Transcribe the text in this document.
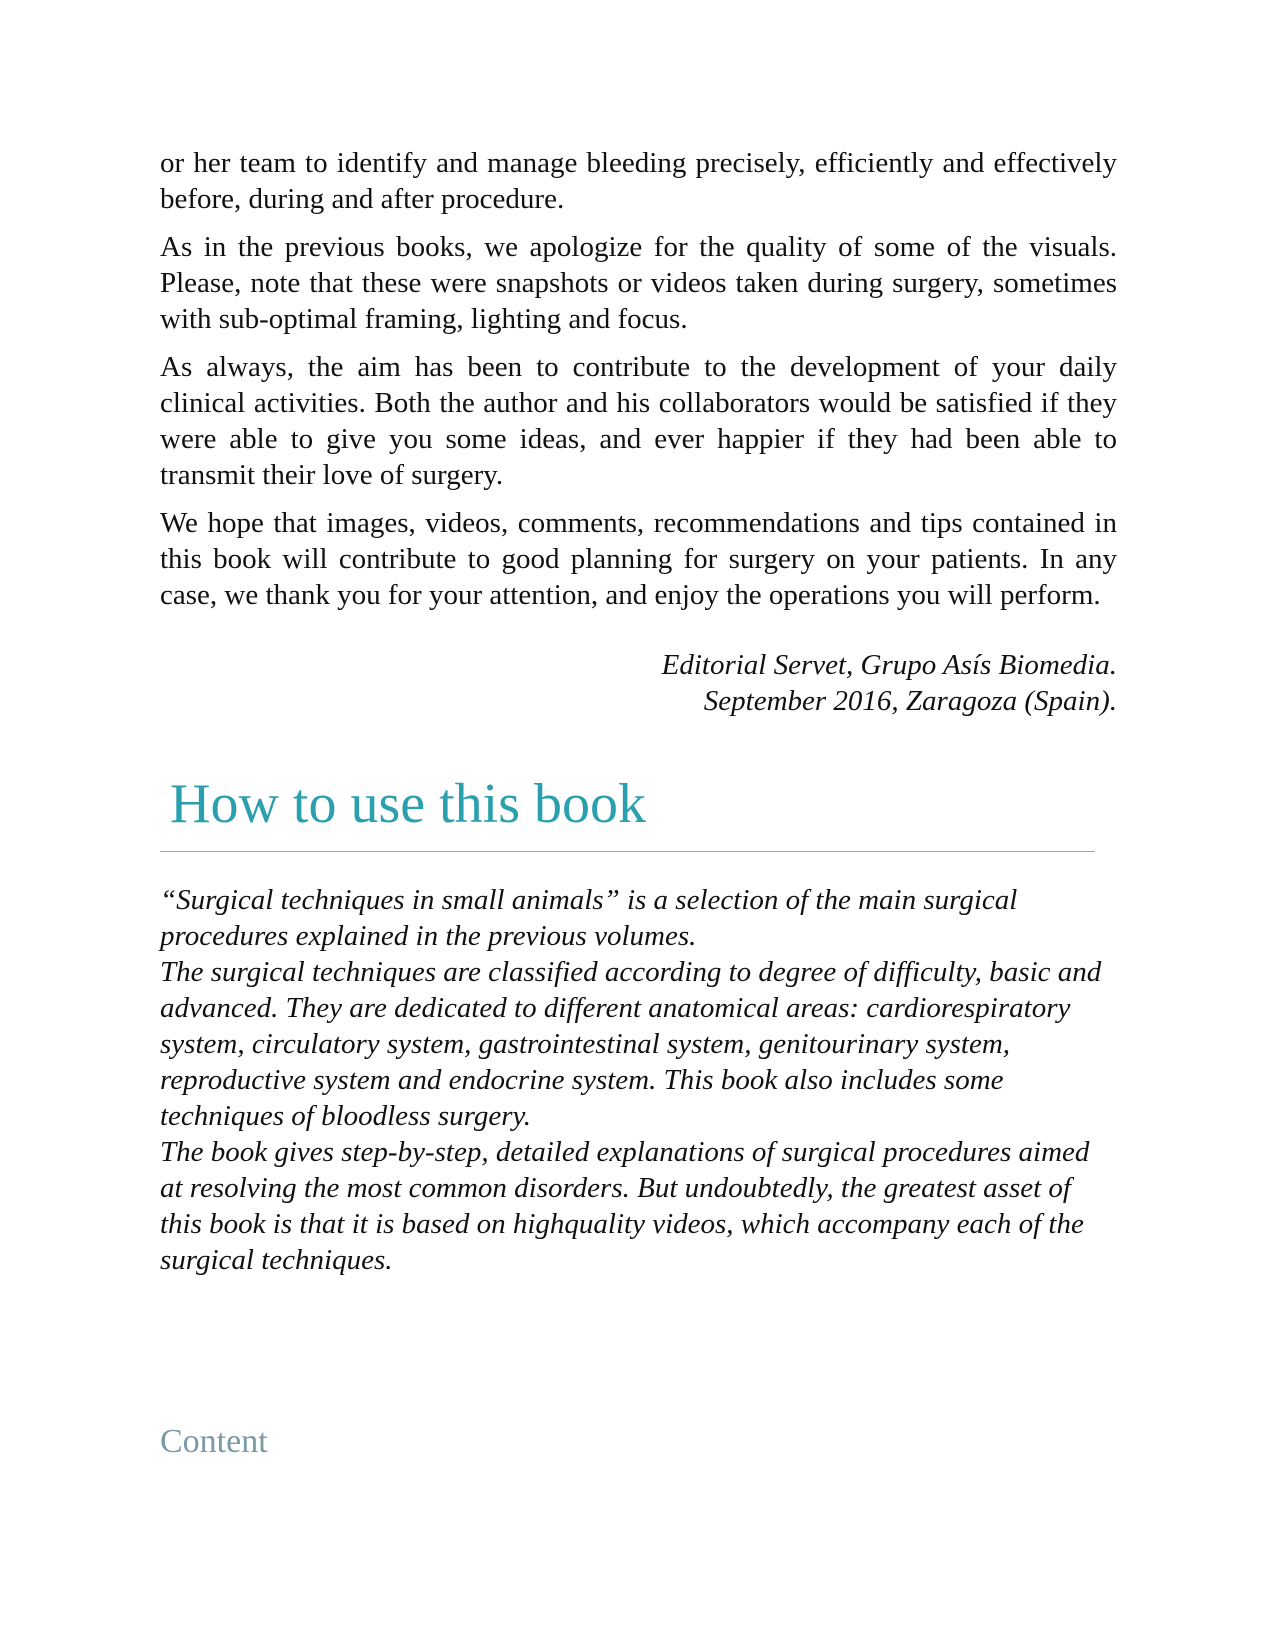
or her team to identify and manage bleeding precisely, efficiently and effectively before, during and after procedure.

As in the previous books, we apologize for the quality of some of the visuals. Please, note that these were snapshots or videos taken during surgery, sometimes with sub-optimal framing, lighting and focus.

As always, the aim has been to contribute to the development of your daily clinical activities. Both the author and his collaborators would be satisfied if they were able to give you some ideas, and ever happier if they had been able to transmit their love of surgery.

We hope that images, videos, comments, recommendations and tips contained in this book will contribute to good planning for surgery on your patients. In any case, we thank you for your attention, and enjoy the operations you will perform.

Editorial Servet, Grupo Asís Biomedia.
September 2016, Zaragoza (Spain).
How to use this book

“Surgical techniques in small animals” is a selection of the main surgical procedures explained in the previous volumes.

The surgical techniques are classified according to degree of difficulty, basic and advanced. They are dedicated to different anatomical areas: cardiorespiratory system, circulatory system, gastrointestinal system, genitourinary system, reproductive system and endocrine system. This book also includes some techniques of bloodless surgery.

The book gives step-by-step, detailed explanations of surgical procedures aimed at resolving the most common disorders. But undoubtedly, the greatest asset of this book is that it is based on highquality videos, which accompany each of the surgical techniques.

Content
